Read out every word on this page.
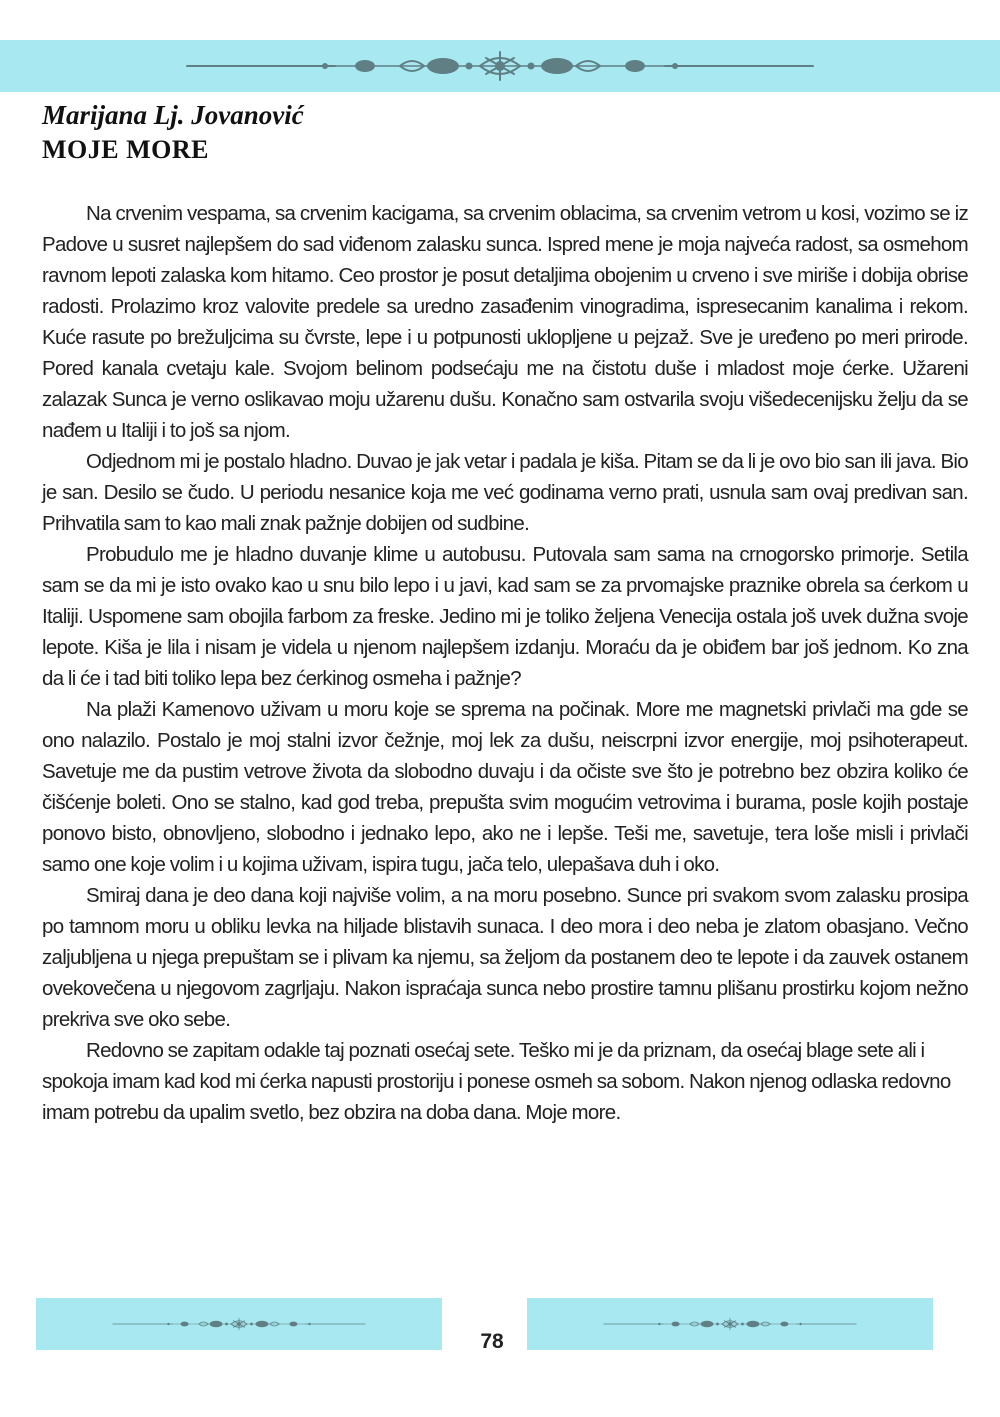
Marijana Lj. Jovanović
MOJE MORE

Na crvenim vespama, sa crvenim kacigama, sa crvenim oblacima, sa crvenim vetrom u kosi, vozimo se iz Padove u susret najlepšem do sad viđenom zalasku sunca. Ispred mene je moja najveća radost, sa osmehom ravnom lepoti zalaska kom hitamo. Ceo prostor je posut detaljima obojenim u crveno i sve miriše i dobija obrise radosti. Prolazimo kroz valovite predele sa uredno zasađenim vinogradima, ispresecanim kanalima i rekom. Kuće rasute po brežuljcima su čvrste, lepe i u potpunosti uklopljene u pejzaž. Sve je uređeno po meri prirode. Pored kanala cvetaju kale. Svojom belinom podsećaju me na čistotu duše i mladost moje ćerke. Užareni zalazak Sunca je verno oslikavao moju užarenu dušu. Konačno sam ostvarila svoju višedecenijsku želju da se nađem u Italiji i to još sa njom.

Odjednom mi je postalo hladno. Duvao je jak vetar i padala je kiša. Pitam se da li je ovo bio san ili java. Bio je san. Desilo se čudo. U periodu nesanice koja me već godinama verno prati, usnula sam ovaj predivan san. Prihvatila sam to kao mali znak pažnje dobijen od sudbine.

Probudulo me je hladno duvanje klime u autobusu. Putovala sam sama na crnogorsko primorje. Setila sam se da mi je isto ovako kao u snu bilo lepo i u javi, kad sam se za prvomajske praznike obrela sa ćerkom u Italiji. Uspomene sam obojila farbom za freske. Jedino mi je toliko željena Venecija ostala još uvek dužna svoje lepote. Kiša je lila i nisam je videla u njenom najlepšem izdanju. Moraću da je obiđem bar još jednom. Ko zna da li će i tad biti toliko lepa bez ćerkinog osmeha i pažnje?

Na plaži Kamenovo uživam u moru koje se sprema na počinak. More me magnetski privlači ma gde se ono nalazilo. Postalo je moj stalni izvor čežnje, moj lek za dušu, neiscrpni izvor energije, moj psihoterapeut. Savetuje me da pustim vetrove života da slobodno duvaju i da očiste sve što je potrebno bez obzira koliko će čišćenje boleti. Ono se stalno, kad god treba, prepušta svim mogućim vetrovima i burama, posle kojih postaje ponovo bisto, obnovljeno, slobodno i jednako lepo, ako ne i lepše. Teši me, savetuje, tera loše misli i privlači samo one koje volim i u kojima uživam, ispira tugu, jača telo, ulepašava duh i oko.

Smiraj dana je deo dana koji najviše volim, a na moru posebno. Sunce pri svakom svom zalasku prosipa po tamnom moru u obliku levka na hiljade blistavih sunaca. I deo mora i deo neba je zlatom obasjano. Večno zaljubljena u njega prepuštam se i plivam ka njemu, sa željom da postanem deo te lepote i da zauvek ostanem ovekovečena u njegovom zagrljaju. Nakon ispraćaja sunca nebo prostire tamnu plišanu prostirku kojom nežno prekriva sve oko sebe.

Redovno se zapitam odakle taj poznati osećaj sete. Teško mi je da priznam, da osećaj blage sete ali i spokoja imam kad kod mi ćerka napusti prostoriju i ponese osmeh sa sobom. Nakon njenog odlaska redovno imam potrebu da upalim svetlo, bez obzira na doba dana. Moje more.

78
